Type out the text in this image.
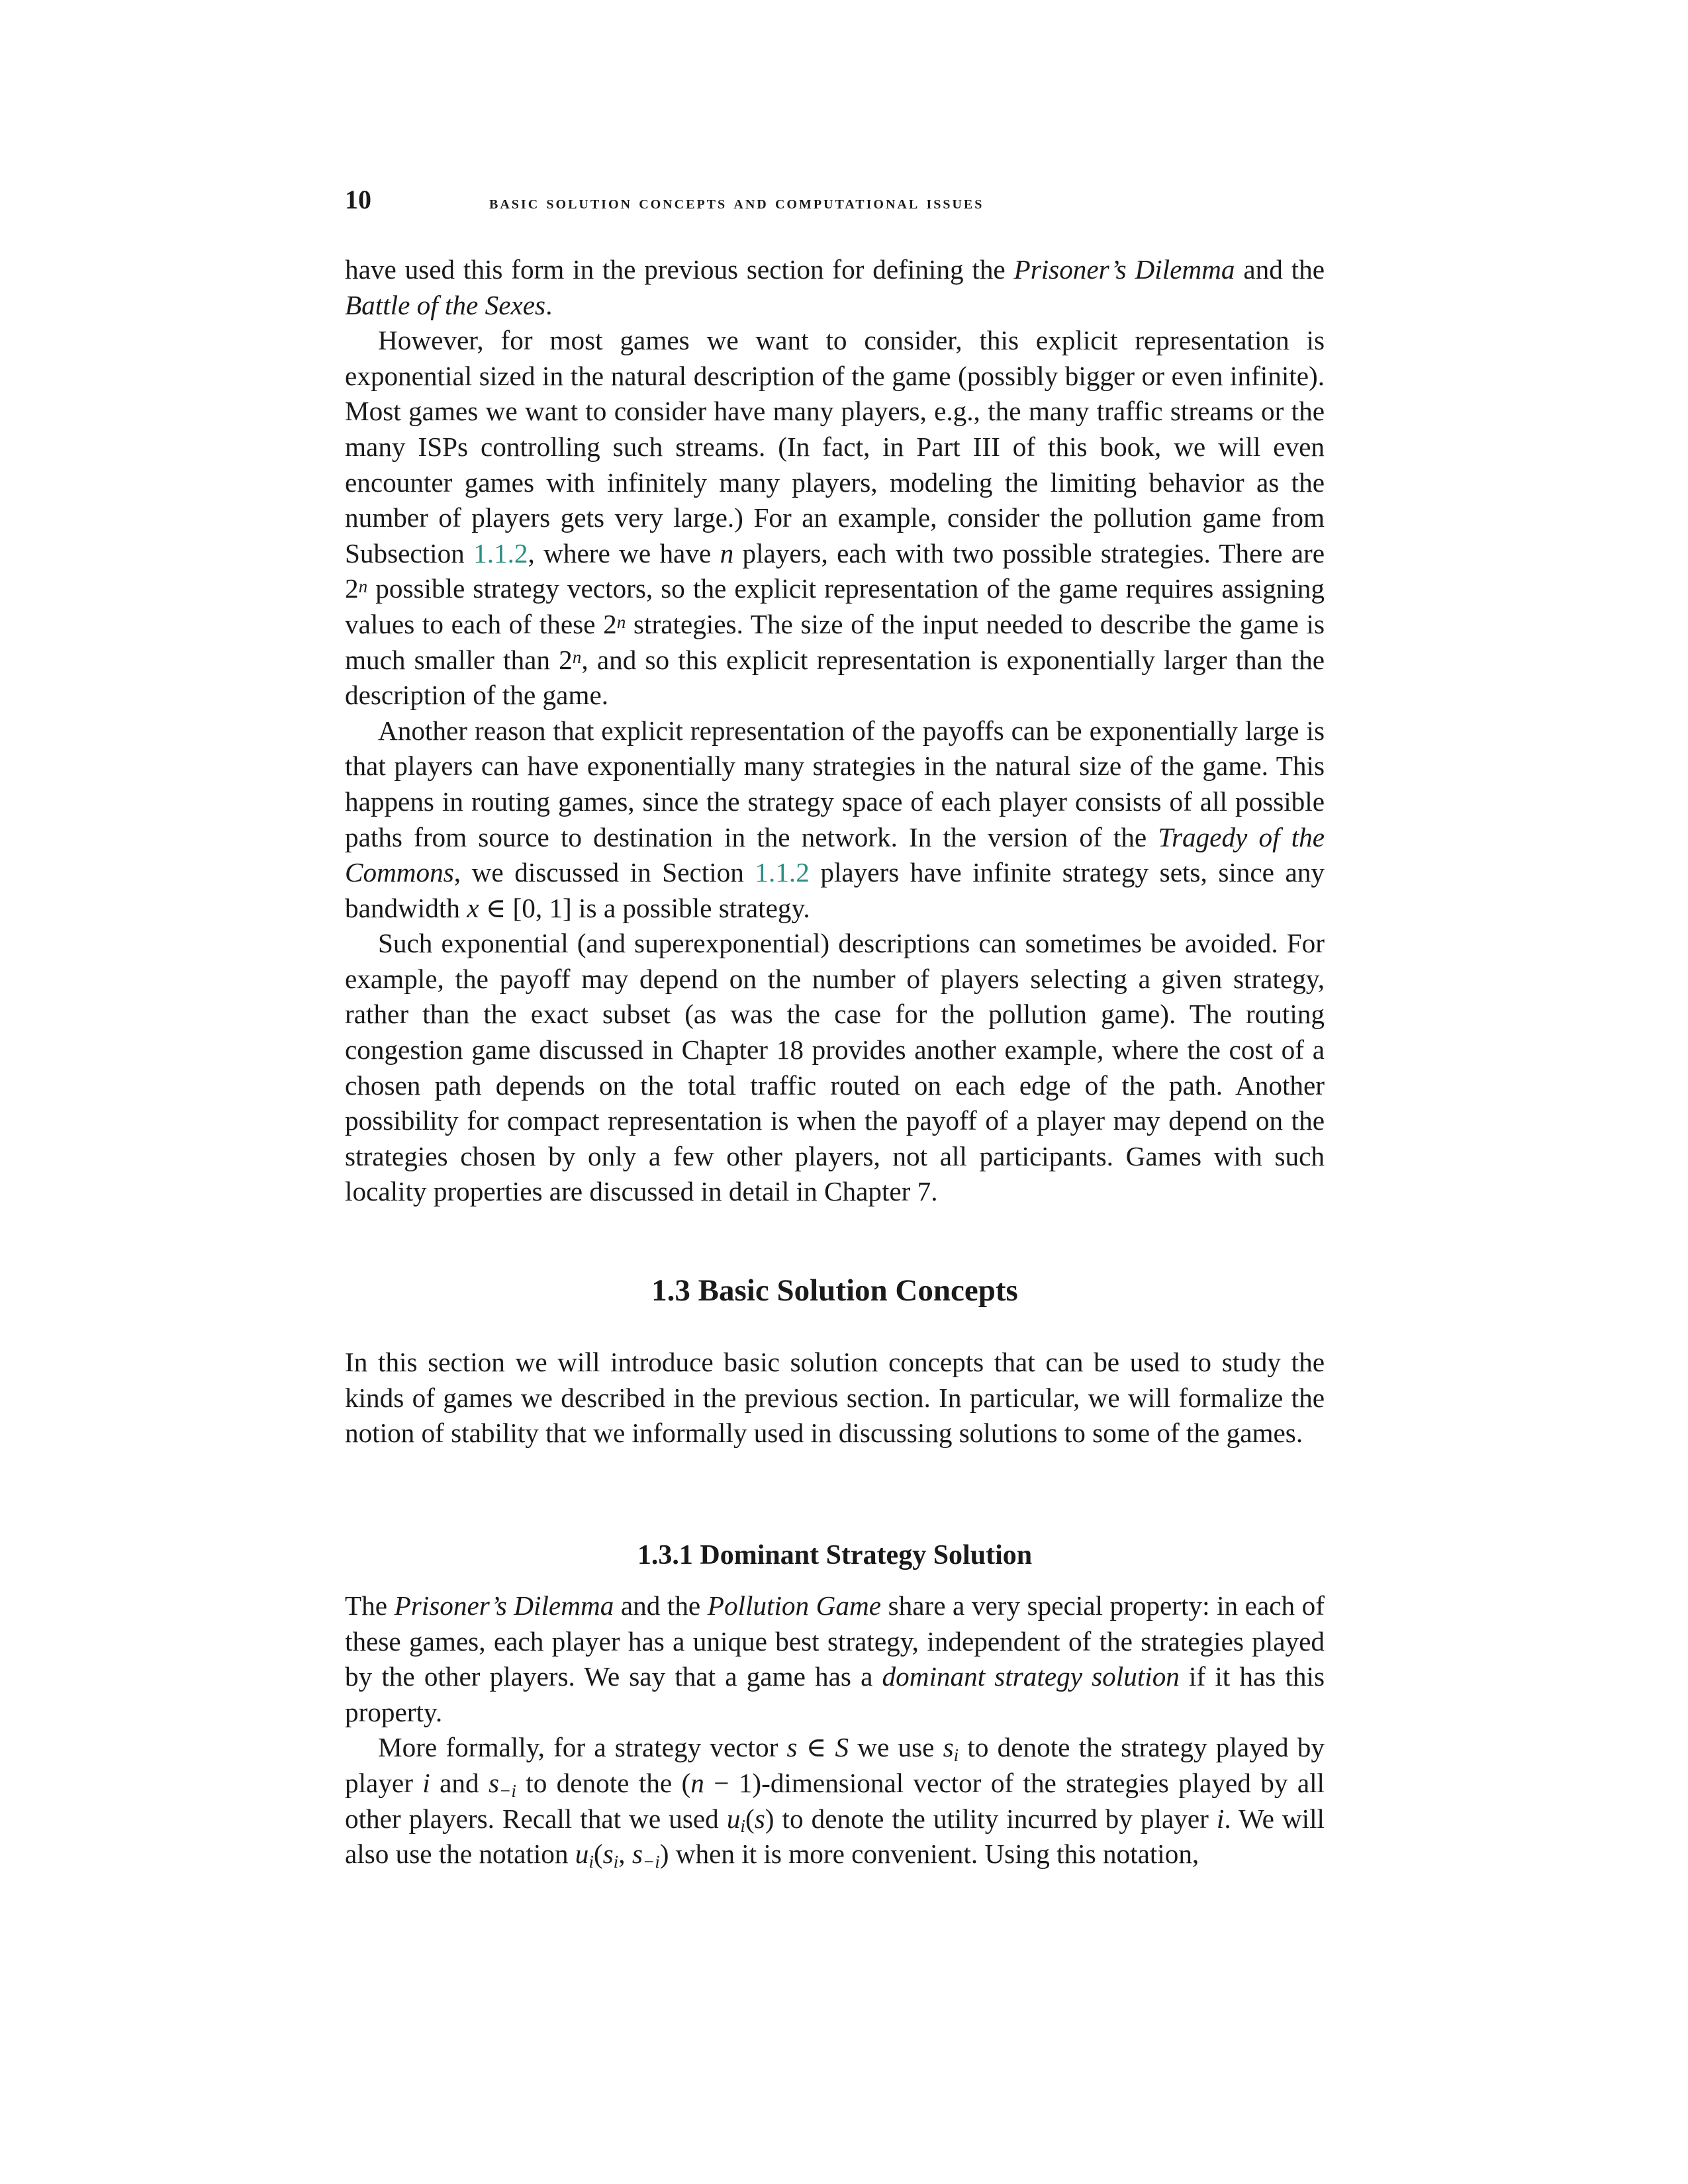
10	basic solution concepts and computational issues

have used this form in the previous section for defining the Prisoner’s Dilemma and the Battle of the Sexes.

However, for most games we want to consider, this explicit representation is exponential sized in the natural description of the game (possibly bigger or even infinite). Most games we want to consider have many players, e.g., the many traffic streams or the many ISPs controlling such streams. (In fact, in Part III of this book, we will even encounter games with infinitely many players, modeling the limiting behavior as the number of players gets very large.) For an example, consider the pollution game from Subsection 1.1.2, where we have n players, each with two possible strategies. There are 2$^n$ possible strategy vectors, so the explicit representation of the game requires assigning values to each of these 2$^n$ strategies. The size of the input needed to describe the game is much smaller than 2$^n$, and so this explicit representation is exponentially larger than the description of the game.

Another reason that explicit representation of the payoffs can be exponentially large is that players can have exponentially many strategies in the natural size of the game. This happens in routing games, since the strategy space of each player consists of all possible paths from source to destination in the network. In the version of the Tragedy of the Commons, we discussed in Section 1.1.2 players have infinite strategy sets, since any bandwidth x ∈ [0, 1] is a possible strategy.

Such exponential (and superexponential) descriptions can sometimes be avoided. For example, the payoff may depend on the number of players selecting a given strategy, rather than the exact subset (as was the case for the pollution game). The routing congestion game discussed in Chapter 18 provides another example, where the cost of a chosen path depends on the total traffic routed on each edge of the path. Another possibility for compact representation is when the payoff of a player may depend on the strategies chosen by only a few other players, not all participants. Games with such locality properties are discussed in detail in Chapter 7.

1.3 Basic Solution Concepts

In this section we will introduce basic solution concepts that can be used to study the kinds of games we described in the previous section. In particular, we will formalize the notion of stability that we informally used in discussing solutions to some of the games.

1.3.1 Dominant Strategy Solution

The Prisoner’s Dilemma and the Pollution Game share a very special property: in each of these games, each player has a unique best strategy, independent of the strategies played by the other players. We say that a game has a dominant strategy solution if it has this property.

More formally, for a strategy vector s ∈ S we use $s_i$ to denote the strategy played by player i and $s_{-i}$ to denote the (n − 1)-dimensional vector of the strategies played by all other players. Recall that we used $u_i(s)$ to denote the utility incurred by player i. We will also use the notation $u_i(s_i$, $s_{-i}$) when it is more convenient. Using this notation,
